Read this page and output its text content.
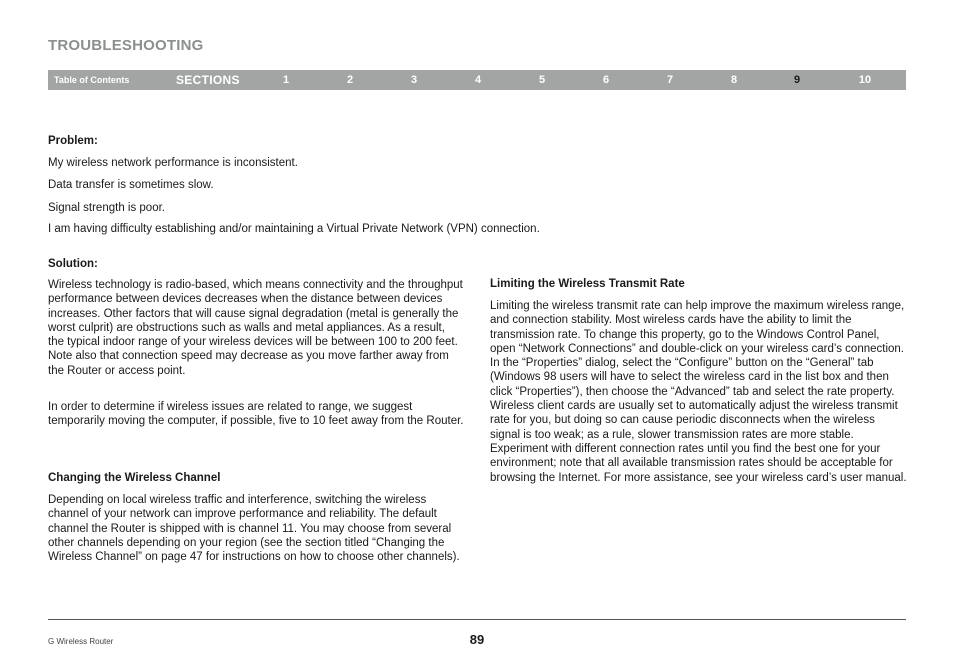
TROUBLESHOOTING
Table of Contents	SECTIONS	1	2	3	4	5	6	7	8	9	10
Problem:
My wireless network performance is inconsistent.
Data transfer is sometimes slow.
Signal strength is poor.
I am having difficulty establishing and/or maintaining a Virtual Private Network (VPN) connection.
Solution:
Wireless technology is radio-based, which means connectivity and the throughput performance between devices decreases when the distance between devices increases. Other factors that will cause signal degradation (metal is generally the worst culprit) are obstructions such as walls and metal appliances. As a result, the typical indoor range of your wireless devices will be between 100 to 200 feet. Note also that connection speed may decrease as you move farther away from the Router or access point.
In order to determine if wireless issues are related to range, we suggest temporarily moving the computer, if possible, five to 10 feet away from the Router.
Changing the Wireless Channel
Depending on local wireless traffic and interference, switching the wireless channel of your network can improve performance and reliability. The default channel the Router is shipped with is channel 11. You may choose from several other channels depending on your region (see the section titled “Changing the Wireless Channel” on page 47 for instructions on how to choose other channels).
Limiting the Wireless Transmit Rate
Limiting the wireless transmit rate can help improve the maximum wireless range, and connection stability. Most wireless cards have the ability to limit the transmission rate. To change this property, go to the Windows Control Panel, open “Network Connections” and double-click on your wireless card’s connection. In the “Properties” dialog, select the “Configure” button on the “General” tab (Windows 98 users will have to select the wireless card in the list box and then click “Properties”), then choose the “Advanced” tab and select the rate property. Wireless client cards are usually set to automatically adjust the wireless transmit rate for you, but doing so can cause periodic disconnects when the wireless signal is too weak; as a rule, slower transmission rates are more stable. Experiment with different connection rates until you find the best one for your environment; note that all available transmission rates should be acceptable for browsing the Internet. For more assistance, see your wireless card’s user manual.
G Wireless Router	89
